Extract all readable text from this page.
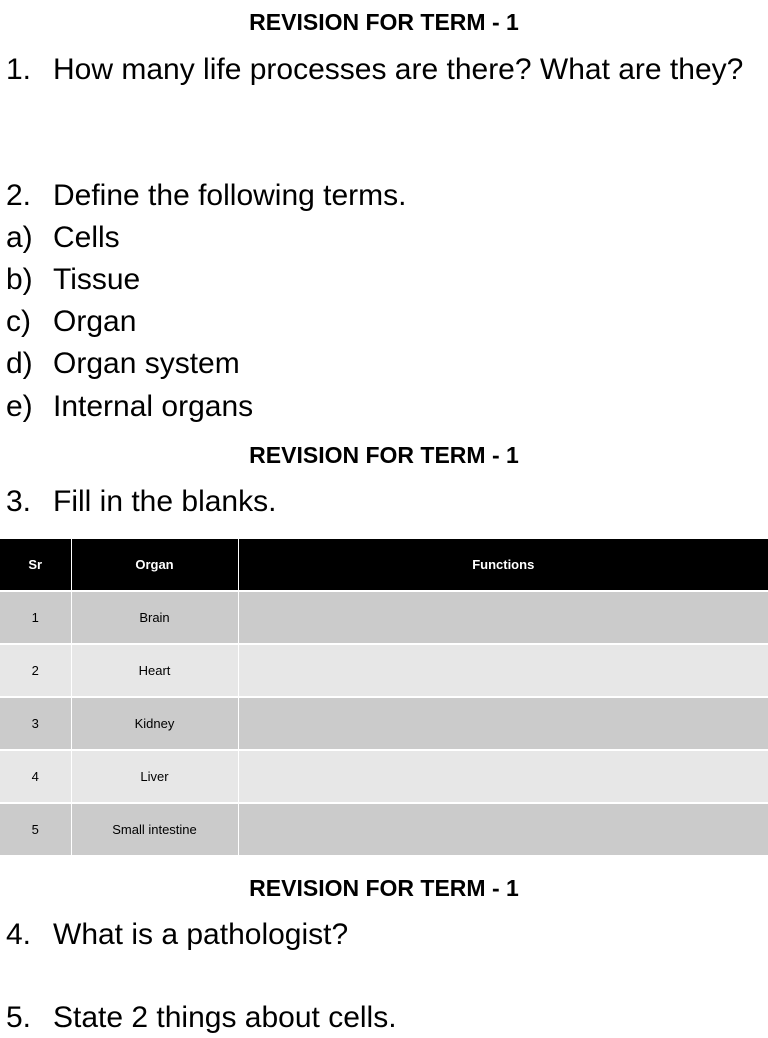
REVISION FOR TERM - 1
1. How many life processes are there? What are they?
2. Define the following terms.
a) Cells
b) Tissue
c) Organ
d) Organ system
e) Internal organs
REVISION FOR TERM - 1
3. Fill in the blanks.
Sr	Organ	Functions
1	Brain	
2	Heart	
3	Kidney	
4	Liver	
5	Small intestine	
REVISION FOR TERM - 1
4. What is a pathologist?
5. State 2 things about cells.
